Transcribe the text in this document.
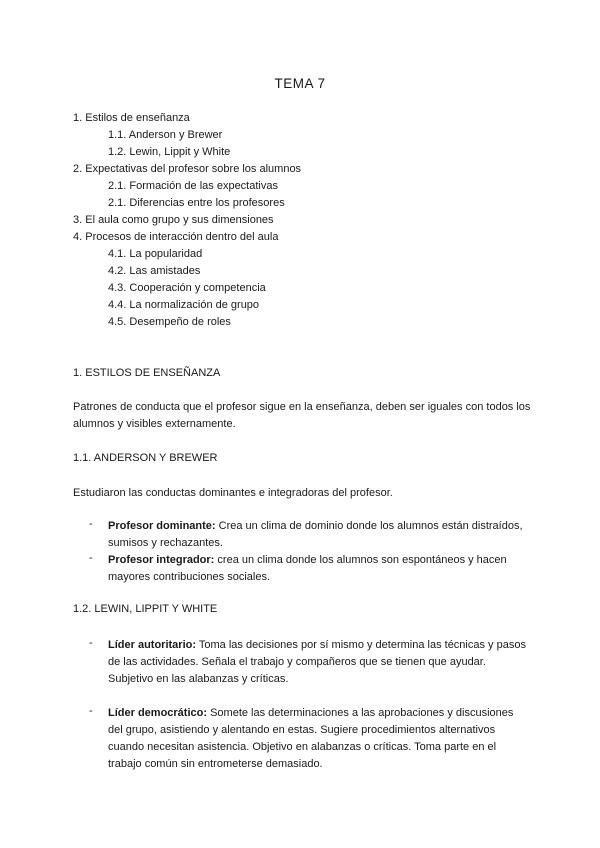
TEMA 7
1. Estilos de enseñanza
1.1. Anderson y Brewer
1.2. Lewin, Lippit y White
2. Expectativas del profesor sobre los alumnos
2.1. Formación de las expectativas
2.1. Diferencias entre los profesores
3. El aula como grupo y sus dimensiones
4. Procesos de interacción dentro del aula
4.1. La popularidad
4.2. Las amistades
4.3. Cooperación y competencia
4.4. La normalización de grupo
4.5. Desempeño de roles
1. ESTILOS DE ENSEÑANZA
Patrones de conducta que el profesor sigue en la enseñanza, deben ser iguales con todos los alumnos y visibles externamente.
1.1. ANDERSON Y BREWER
Estudiaron las conductas dominantes e integradoras del profesor.
- Profesor dominante: Crea un clima de dominio donde los alumnos están distraídos, sumisos y rechazantes.
- Profesor integrador: crea un clima donde los alumnos son espontáneos y hacen mayores contribuciones sociales.
1.2. LEWIN, LIPPIT Y WHITE
- Líder autoritario: Toma las decisiones por sí mismo y determina las técnicas y pasos de las actividades. Señala el trabajo y compañeros que se tienen que ayudar. Subjetivo en las alabanzas y críticas.
- Líder democrático: Somete las determinaciones a las aprobaciones y discusiones del grupo, asistiendo y alentando en estas. Sugiere procedimientos alternativos cuando necesitan asistencia. Objetivo en alabanzas o críticas. Toma parte en el trabajo común sin entrometerse demasiado.
